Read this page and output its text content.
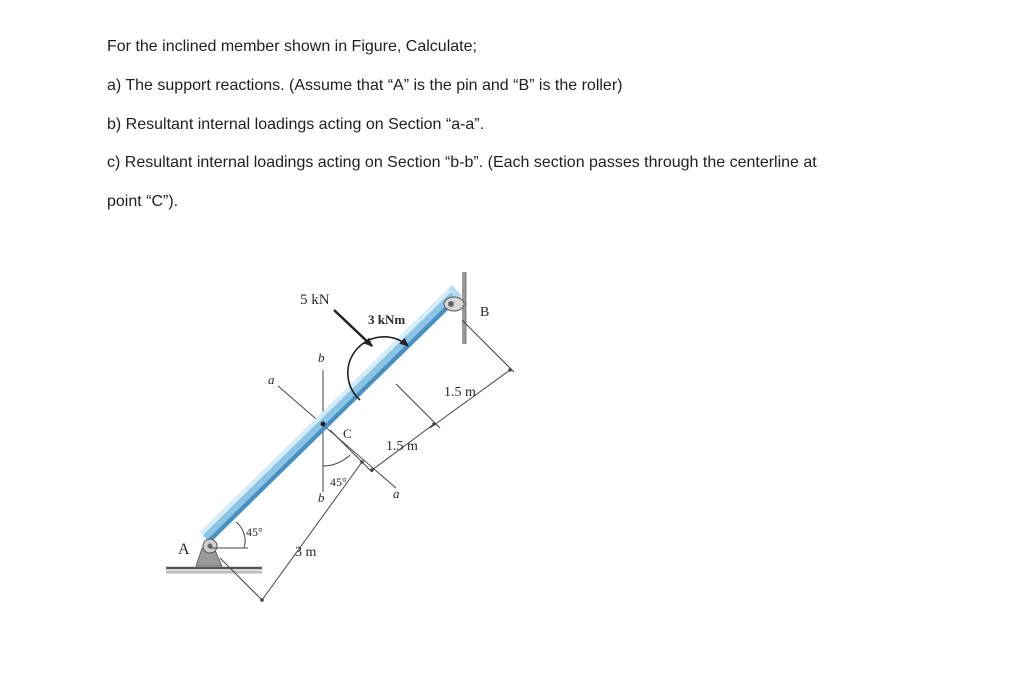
For the inclined member shown in Figure, Calculate;
a) The support reactions. (Assume that “A” is the pin and “B” is the roller)
b) Resultant internal loadings acting on Section “a-a”.
c) Resultant internal loadings acting on Section “b-b”. (Each section passes through the centerline at
point “C”).
A
B
C
5 kN
3 kNm
a
a
b
b
45°
45°
3 m
1.5 m
1.5 m
